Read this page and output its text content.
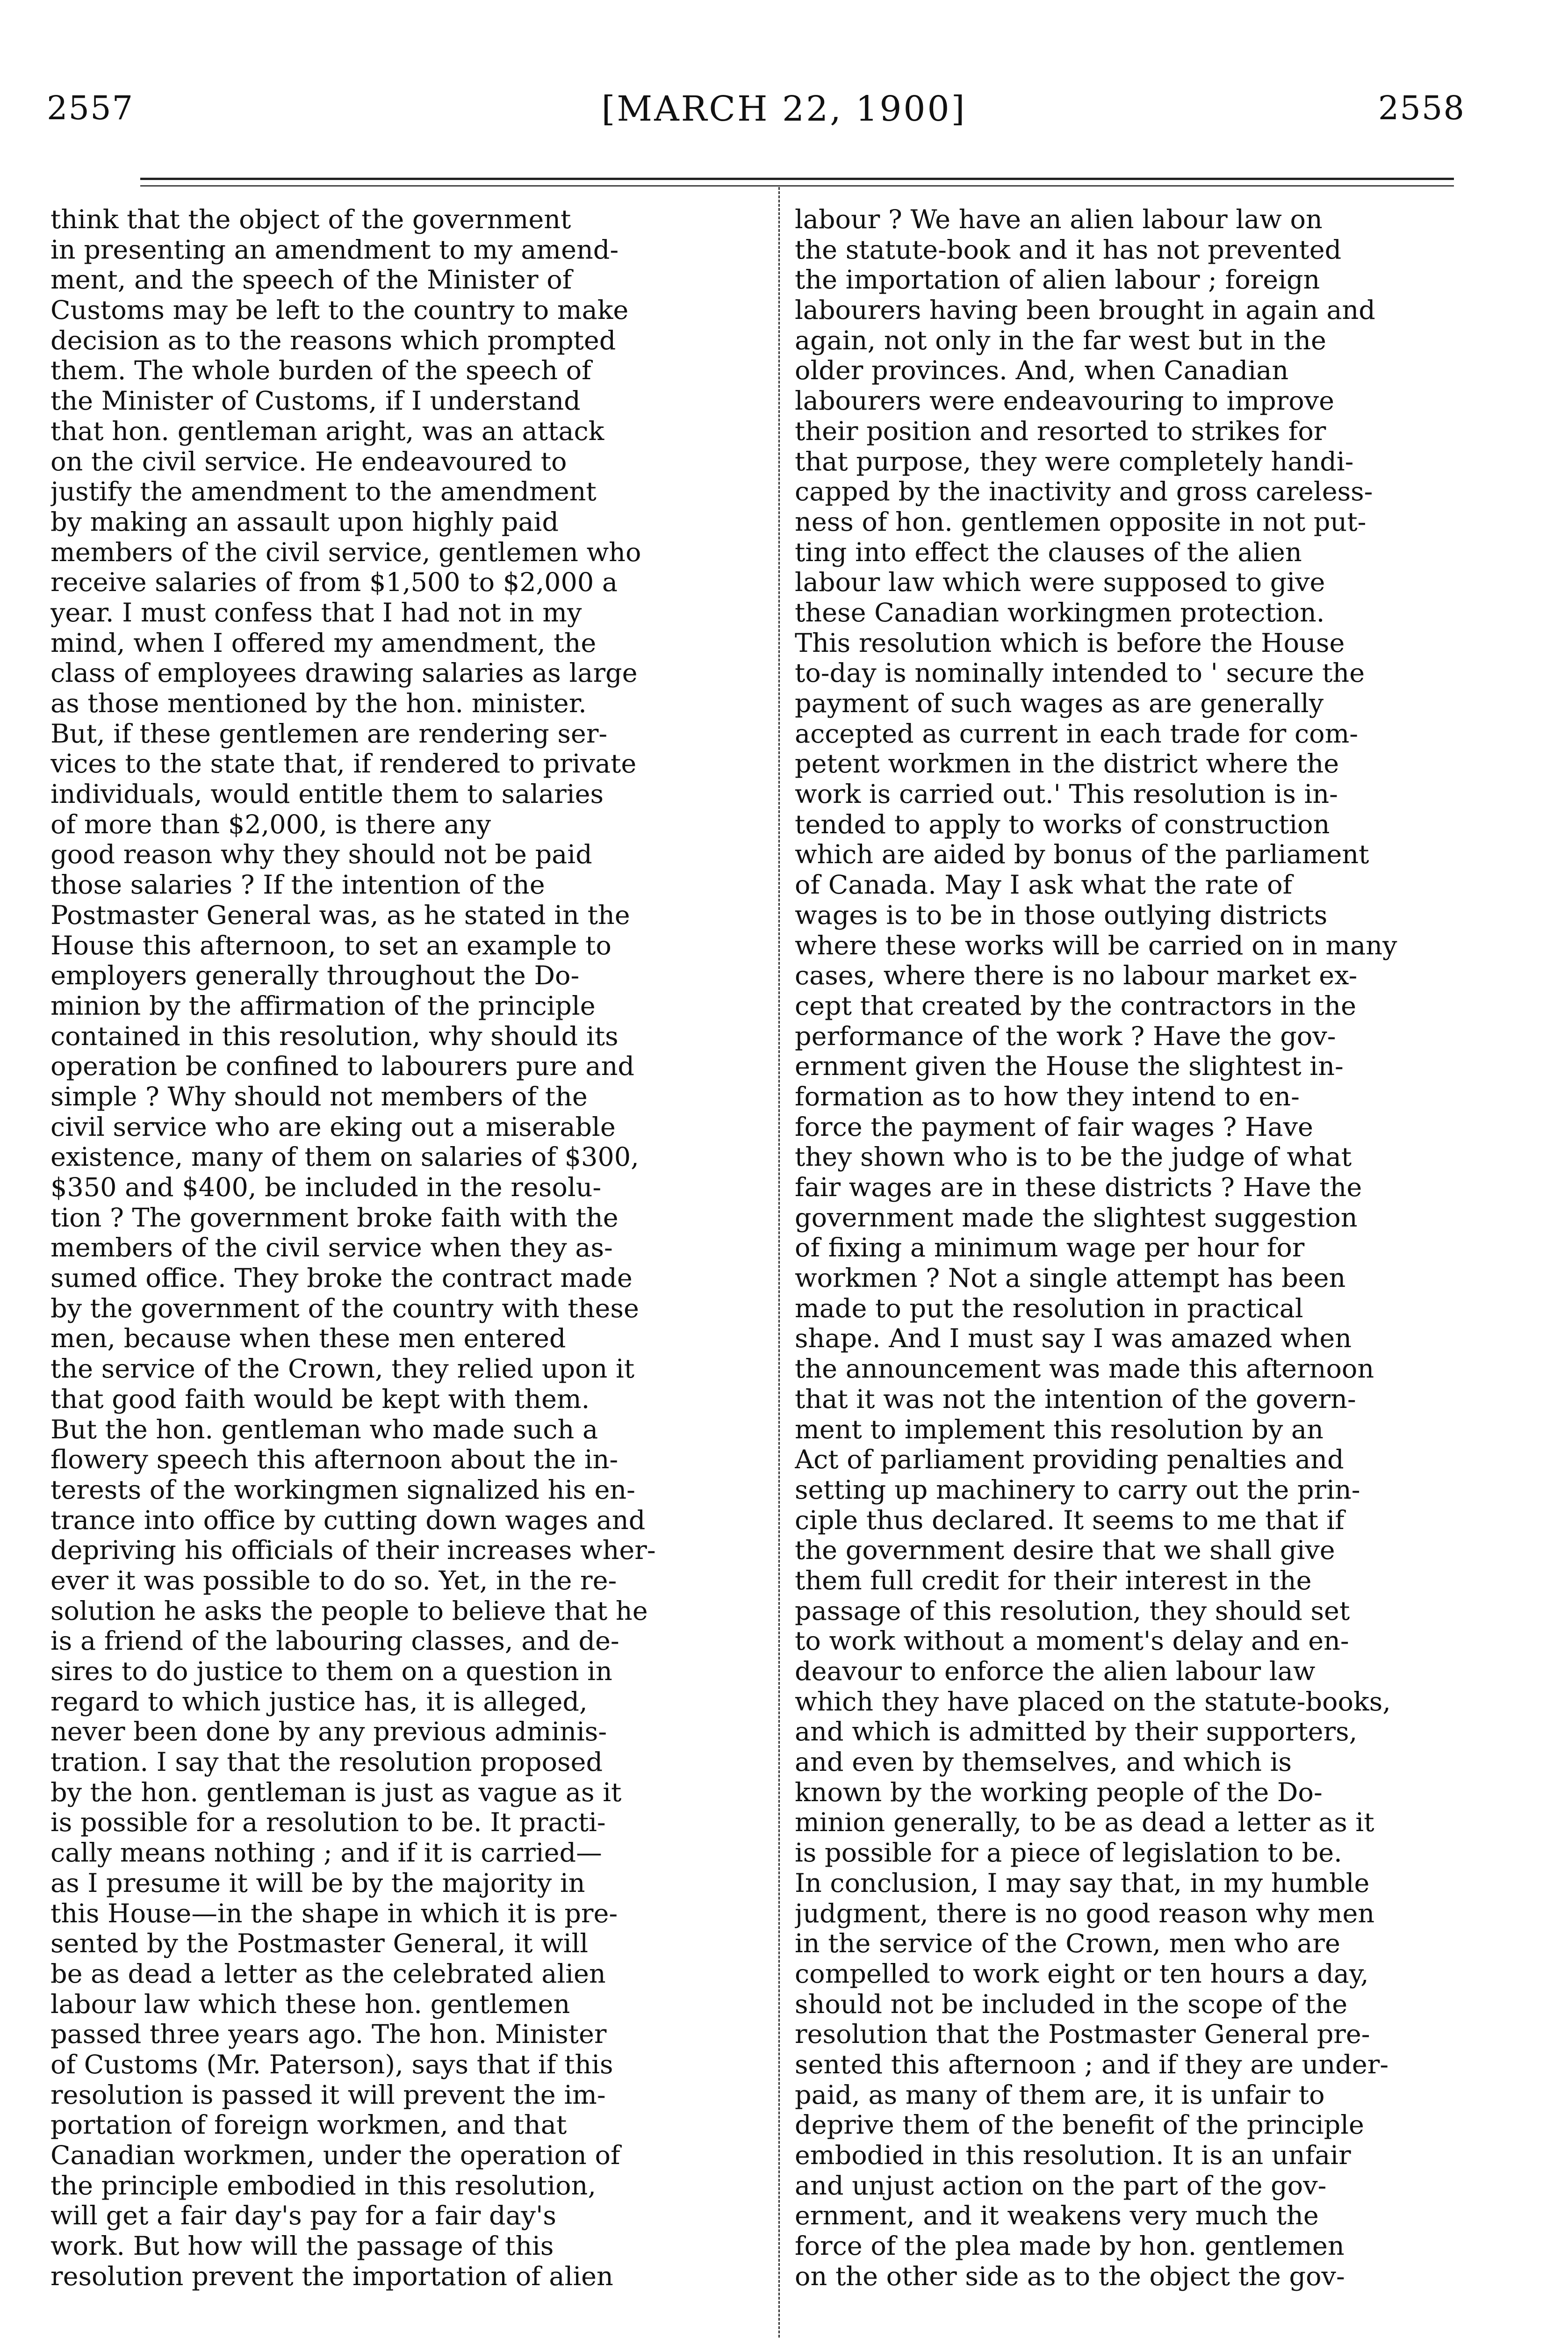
2557	[MARCH 22, 1900]	2558
think that the object of the government
in presenting an amendment to my amend-
ment, and the speech of the Minister of
Customs may be left to the country to make
decision as to the reasons which prompted
them. The whole burden of the speech of
the Minister of Customs, if I understand
that hon. gentleman aright, was an attack
on the civil service. He endeavoured to
justify the amendment to the amendment
by making an assault upon highly paid
members of the civil service, gentlemen who
receive salaries of from $1,500 to $2,000 a
year. I must confess that I had not in my
mind, when I offered my amendment, the
class of employees drawing salaries as large
as those mentioned by the hon. minister.
But, if these gentlemen are rendering ser-
vices to the state that, if rendered to private
individuals, would entitle them to salaries
of more than $2,000, is there any
good reason why they should not be paid
those salaries ? If the intention of the
Postmaster General was, as he stated in the
House this afternoon, to set an example to
employers generally throughout the Do-
minion by the affirmation of the principle
contained in this resolution, why should its
operation be confined to labourers pure and
simple ? Why should not members of the
civil service who are eking out a miserable
existence, many of them on salaries of $300,
$350 and $400, be included in the resolu-
tion ? The government broke faith with the
members of the civil service when they as-
sumed office. They broke the contract made
by the government of the country with these
men, because when these men entered
the service of the Crown, they relied upon it
that good faith would be kept with them.
But the hon. gentleman who made such a
flowery speech this afternoon about the in-
terests of the workingmen signalized his en-
trance into office by cutting down wages and
depriving his officials of their increases wher-
ever it was possible to do so. Yet, in the re-
solution he asks the people to believe that he
is a friend of the labouring classes, and de-
sires to do justice to them on a question in
regard to which justice has, it is alleged,
never been done by any previous adminis-
tration. I say that the resolution proposed
by the hon. gentleman is just as vague as it
is possible for a resolution to be. It practi-
cally means nothing ; and if it is carried—
as I presume it will be by the majority in
this House—in the shape in which it is pre-
sented by the Postmaster General, it will
be as dead a letter as the celebrated alien
labour law which these hon. gentlemen
passed three years ago. The hon. Minister
of Customs (Mr. Paterson), says that if this
resolution is passed it will prevent the im-
portation of foreign workmen, and that
Canadian workmen, under the operation of
the principle embodied in this resolution,
will get a fair day's pay for a fair day's
work. But how will the passage of this
resolution prevent the importation of alien
labour ? We have an alien labour law on
the statute-book and it has not prevented
the importation of alien labour ; foreign
labourers having been brought in again and
again, not only in the far west but in the
older provinces. And, when Canadian
labourers were endeavouring to improve
their position and resorted to strikes for
that purpose, they were completely handi-
capped by the inactivity and gross careless-
ness of hon. gentlemen opposite in not put-
ting into effect the clauses of the alien
labour law which were supposed to give
these Canadian workingmen protection.
This resolution which is before the House
to-day is nominally intended to ' secure the
payment of such wages as are generally
accepted as current in each trade for com-
petent workmen in the district where the
work is carried out.' This resolution is in-
tended to apply to works of construction
which are aided by bonus of the parliament
of Canada. May I ask what the rate of
wages is to be in those outlying districts
where these works will be carried on in many
cases, where there is no labour market ex-
cept that created by the contractors in the
performance of the work ? Have the gov-
ernment given the House the slightest in-
formation as to how they intend to en-
force the payment of fair wages ? Have
they shown who is to be the judge of what
fair wages are in these districts ? Have the
government made the slightest suggestion
of fixing a minimum wage per hour for
workmen ? Not a single attempt has been
made to put the resolution in practical
shape. And I must say I was amazed when
the announcement was made this afternoon
that it was not the intention of the govern-
ment to implement this resolution by an
Act of parliament providing penalties and
setting up machinery to carry out the prin-
ciple thus declared. It seems to me that if
the government desire that we shall give
them full credit for their interest in the
passage of this resolution, they should set
to work without a moment's delay and en-
deavour to enforce the alien labour law
which they have placed on the statute-books,
and which is admitted by their supporters,
and even by themselves, and which is
known by the working people of the Do-
minion generally, to be as dead a letter as it
is possible for a piece of legislation to be.
In conclusion, I may say that, in my humble
judgment, there is no good reason why men
in the service of the Crown, men who are
compelled to work eight or ten hours a day,
should not be included in the scope of the
resolution that the Postmaster General pre-
sented this afternoon ; and if they are under-
paid, as many of them are, it is unfair to
deprive them of the benefit of the principle
embodied in this resolution. It is an unfair
and unjust action on the part of the gov-
ernment, and it weakens very much the
force of the plea made by hon. gentlemen
on the other side as to the object the gov-
